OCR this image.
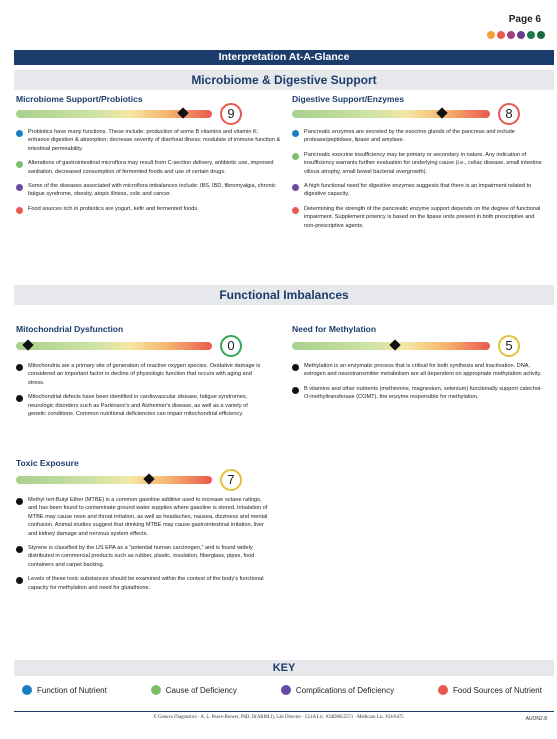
Page 6
Interpretation At-A-Glance
Microbiome & Digestive Support
Microbiome Support/Probiotics
9
Probiotics have many functions. These include: production of some B vitamins and vitamin K; enhance digestion & absorption; decrease severity of diarrheal illness; modulate of immune function & intestinal permeability.
Alterations of gastrointestinal microflora may result from C-section delivery, antibiotic use, improved sanitation, decreased consumption of fermented foods and use of certain drugs.
Some of the diseases associated with microflora imbalances include: IBS, IBD, fibromyalgia, chronic fatigue syndrome, obesity, atopic illness, colic and cancer.
Food sources rich in probiotics are yogurt, kefir and fermented foods.
Digestive Support/Enzymes
8
Pancreatic enzymes are secreted by the exocrine glands of the pancreas and include protease/peptidase, lipase and amylase.
Pancreatic exocrine insufficiency may be primary or secondary in nature. Any indication of insufficiency warrants further evaluation for underlying cause (i.e., celiac disease, small intestine villous atrophy, small bowel bacterial overgrowth).
A high functional need for digestive enzymes suggests that there is an impairment related to digestive capacity.
Determining the strength of the pancreatic enzyme support depends on the degree of functional impairment. Supplement potency is based on the lipase units present in both prescriptive and non-prescriptive agents.
Functional Imbalances
Mitochondrial Dysfunction
0
Mitochondria are a primary site of generation of reactive oxygen species. Oxidative damage is considered an important factor in decline of physiologic function that occurs with aging and stress.
Mitochondrial defects have been identified in cardiovascular disease, fatigue syndromes, neurologic disorders such as Parkinson's and Alzheimer's disease, as well as a variety of genetic conditions. Common nutritional deficiencies can impair mitochondrial efficiency.
Need for Methylation
5
Methylation is an enzymatic process that is critical for both synthesis and inactivation. DNA, estrogen and neurotransmitter metabolism are all dependent on appropriate methylation activity.
B vitamins and other nutrients (methionine, magnesium, selenium) functionally support catechol-O-methyltransferase (COMT), the enzyme responsible for methylation.
Toxic Exposure
7
Methyl tert-Butyl Ether (MTBE) is a common gasoline additive used to increase octane ratings, and has been found to contaminate ground water supplies where gasoline is stored. Inhalation of MTBE may cause nose and throat irritation, as well as headaches, nausea, dizziness and mental confusion. Animal studies suggest that drinking MTBE may cause gastrointestinal irritation, liver and kidney damage and nervous system effects.
Styrene is classified by the US EPA as a "potential human carcinogen," and is found widely distributed in commercial products such as rubber, plastic, insulation, fiberglass, pipes, food containers and carpet backing.
Levels of these toxic substances should be examined within the context of the body's functional capacity for methylation and need for glutathione.
KEY
Function of Nutrient	Cause of Deficiency	Complications of Deficiency	Food Sources of Nutrient
© Genova Diagnostics · A. L. Peace-Brewer, PhD, D(ABMLI), Lab Director · CLIA Lic. #34D0655571 · Medicare Lic. #34-8475	AUON2.8
